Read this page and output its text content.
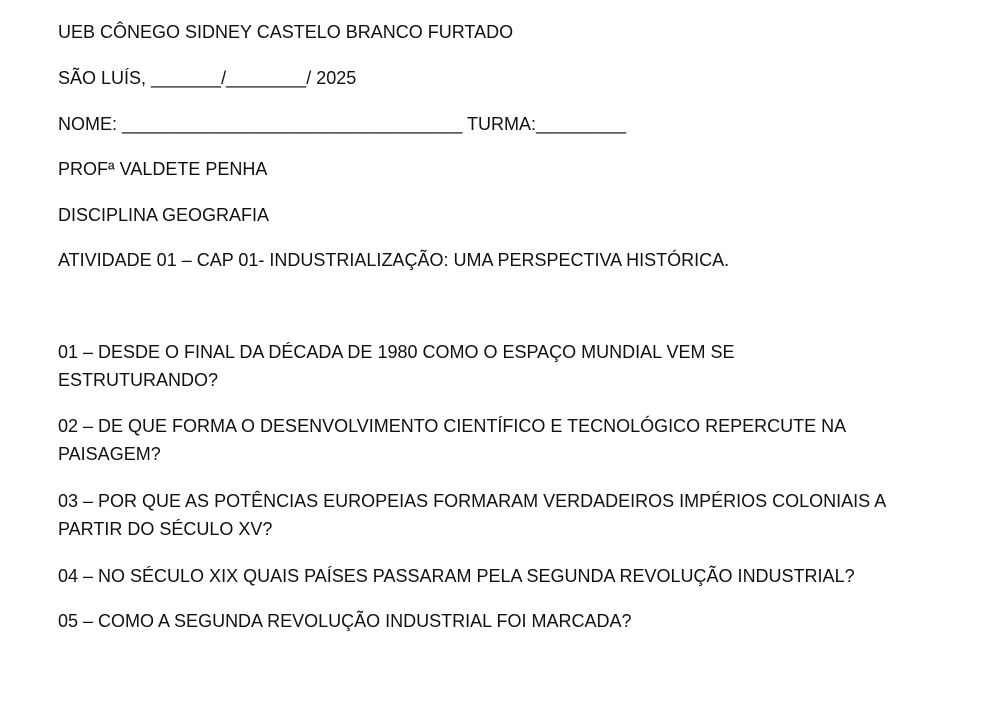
UEB CÔNEGO SIDNEY CASTELO BRANCO FURTADO
SÃO LUÍS, _______/________/ 2025
NOME: __________________________________ TURMA:_________
PROFª VALDETE PENHA
DISCIPLINA GEOGRAFIA
ATIVIDADE 01 – CAP 01- INDUSTRIALIZAÇÃO: UMA PERSPECTIVA HISTÓRICA.
01 – DESDE O FINAL DA DÉCADA DE 1980 COMO O ESPAÇO MUNDIAL VEM SE ESTRUTURANDO?
02 – DE QUE FORMA O DESENVOLVIMENTO CIENTÍFICO E TECNOLÓGICO REPERCUTE NA PAISAGEM?
03 – POR QUE AS POTÊNCIAS EUROPEIAS FORMARAM VERDADEIROS IMPÉRIOS COLONIAIS A PARTIR DO SÉCULO XV?
04 – NO SÉCULO XIX QUAIS PAÍSES PASSARAM PELA SEGUNDA REVOLUÇÃO INDUSTRIAL?
05 – COMO A SEGUNDA REVOLUÇÃO INDUSTRIAL FOI MARCADA?
